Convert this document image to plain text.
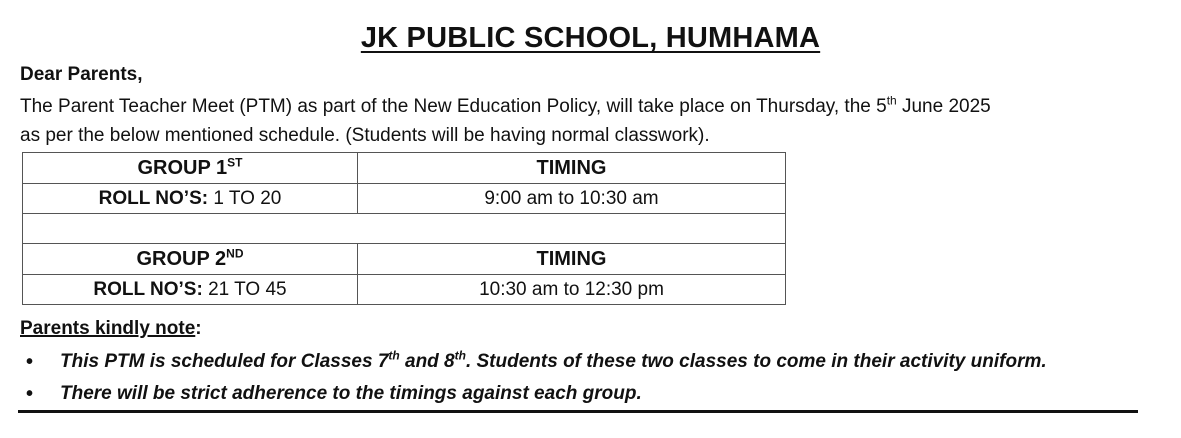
JK PUBLIC SCHOOL, HUMHAMA
Dear Parents,
The Parent Teacher Meet (PTM) as part of the New Education Policy, will take place on Thursday, the 5th June 2025
as per the below mentioned schedule. (Students will be having normal classwork).
GROUP 1ST	TIMING
ROLL NO’S: 1 TO 20	9:00 am to 10:30 am

GROUP 2ND	TIMING
ROLL NO’S: 21 TO 45	10:30 am to 12:30 pm
Parents kindly note:
• This PTM is scheduled for Classes 7th and 8th. Students of these two classes to come in their activity uniform.
• There will be strict adherence to the timings against each group.
